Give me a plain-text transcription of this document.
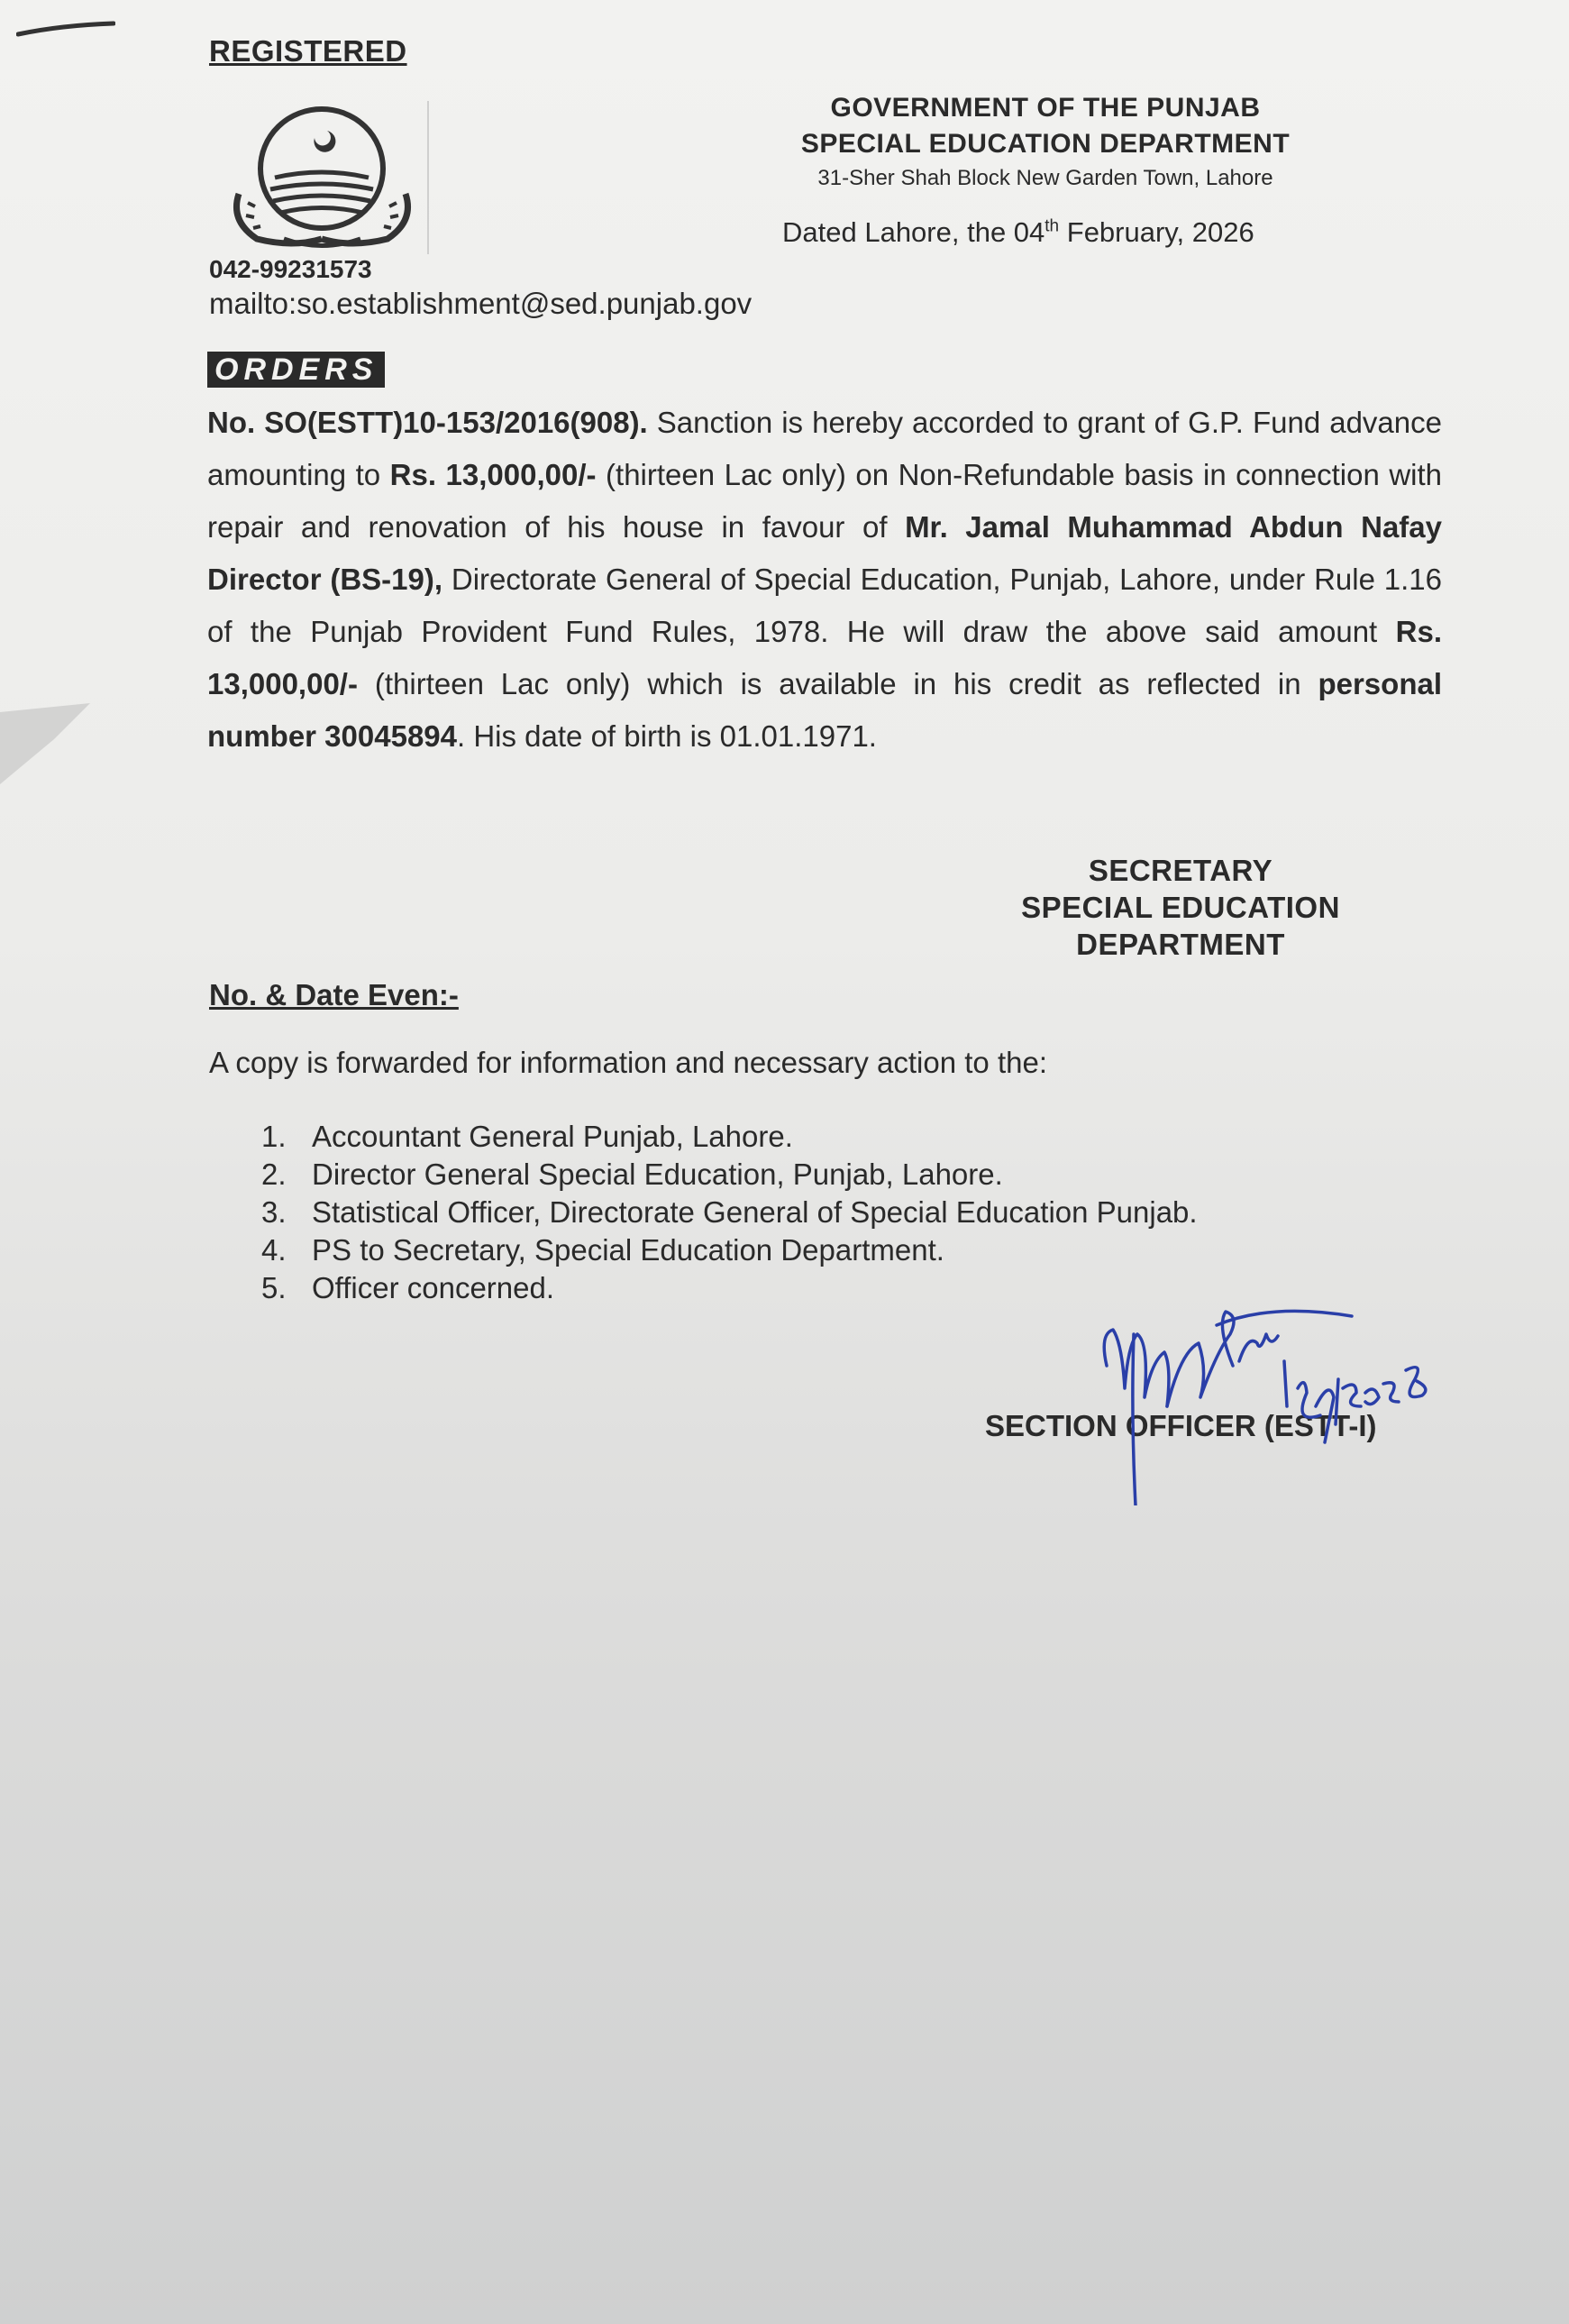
REGISTERED
GOVERNMENT OF THE PUNJAB
SPECIAL EDUCATION DEPARTMENT
31-Sher Shah Block New Garden Town, Lahore
Dated Lahore, the 04th February, 2026
042-99231573
mailto:so.establishment@sed.punjab.gov
ORDERS
No. SO(ESTT)10-153/2016(908). Sanction is hereby accorded to grant of G.P. Fund advance amounting to Rs. 13,000,00/- (thirteen Lac only) on Non-Refundable basis in connection with repair and renovation of his house in favour of Mr. Jamal Muhammad Abdun Nafay Director (BS-19), Directorate General of Special Education, Punjab, Lahore, under Rule 1.16 of the Punjab Provident Fund Rules, 1978. He will draw the above said amount Rs. 13,000,00/- (thirteen Lac only) which is available in his credit as reflected in personal number 30045894. His date of birth is 01.01.1971.
SECRETARY
SPECIAL EDUCATION
DEPARTMENT
No. & Date Even:-
A copy is forwarded for information and necessary action to the:
1. Accountant General Punjab, Lahore.
2. Director General Special Education, Punjab, Lahore.
3. Statistical Officer, Directorate General of Special Education Punjab.
4. PS to Secretary, Special Education Department.
5. Officer concerned.
SECTION OFFICER (ESTT-I)
